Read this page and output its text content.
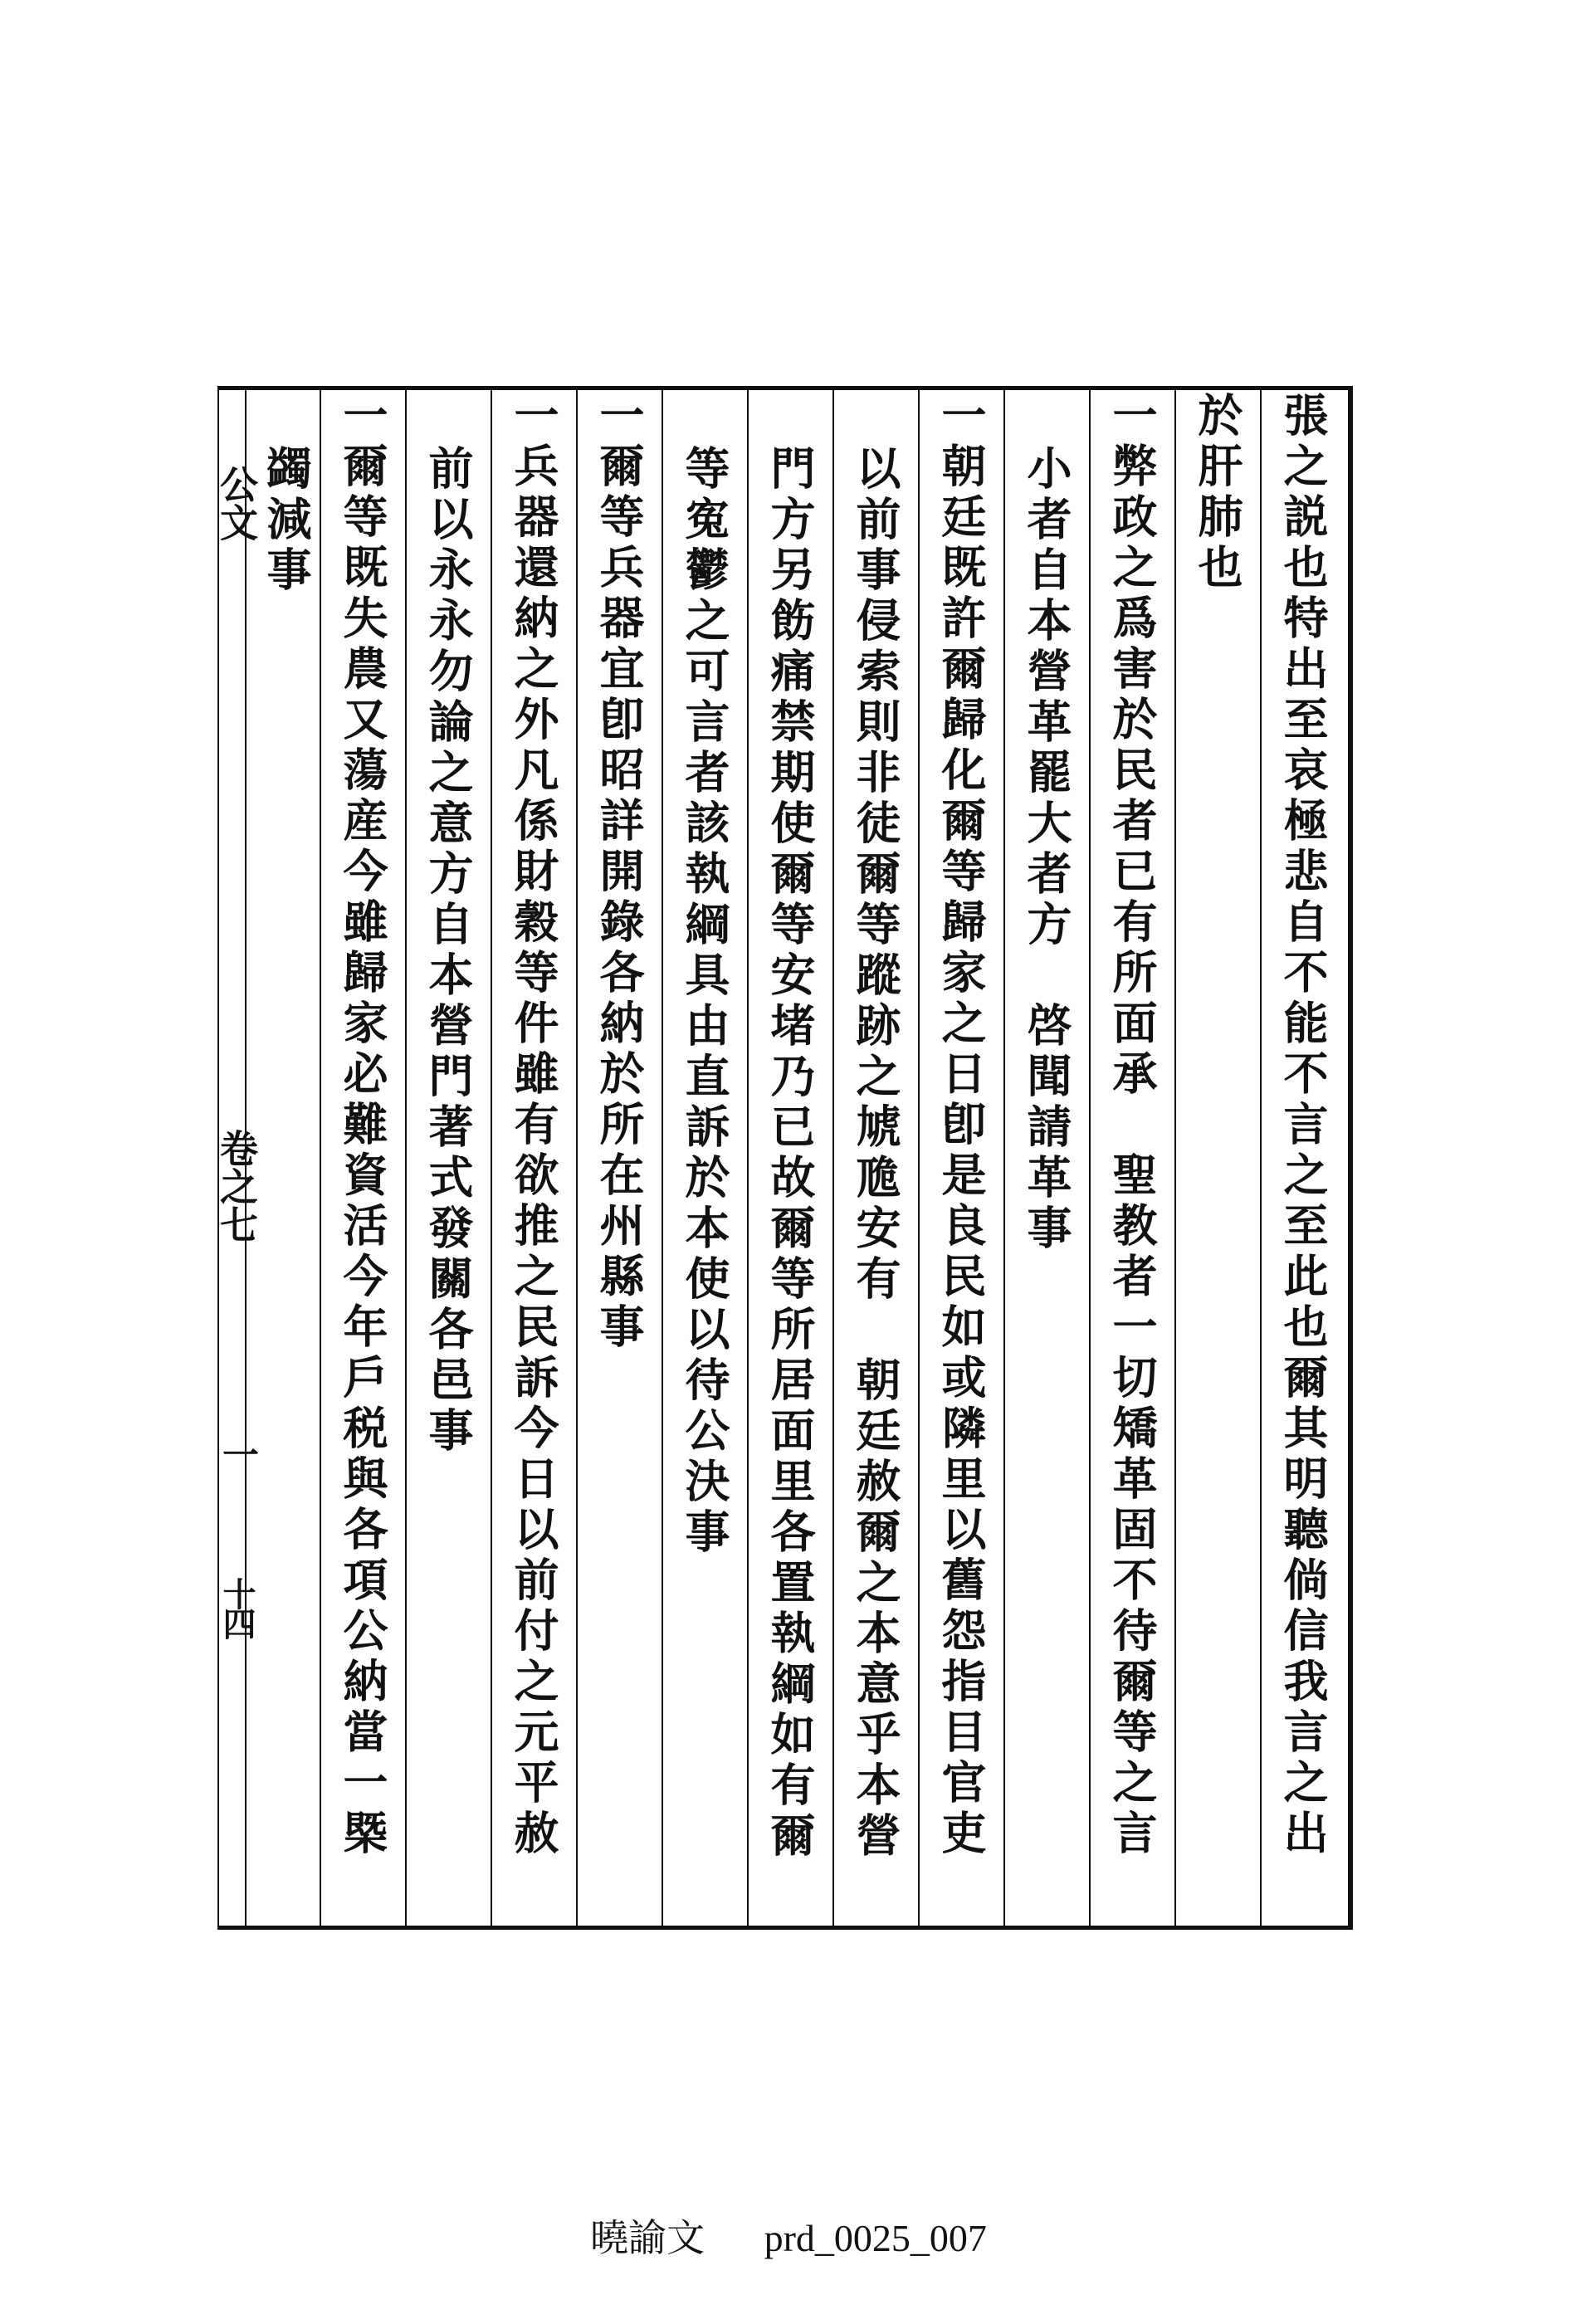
張之説也特出至哀極悲自不能不言之至此也爾其明聽倘信我言之出
於肝肺也
一弊政之爲害於民者已有所面承　聖教者一切矯革固不待爾等之言
小者自本營革罷大者方　啓聞請革事
一朝廷既許爾歸化爾等歸家之日卽是良民如或隣里以舊怨指目官吏
以前事侵索則非徒爾等蹤跡之虓卼安有　朝廷赦爾之本意乎本營
門方另飭痛禁期使爾等安堵乃已故爾等所居面里各置執綱如有爾
等寃鬱之可言者該執綱具由直訴於本使以待公決事
一爾等兵器宜卽昭詳開錄各納於所在州縣事
一兵器還納之外凡係財穀等件雖有欲推之民訴今日以前付之元平赦
前以永永勿論之意方自本營門著式發關各邑事
一爾等既失農又蕩産今雖歸家必難資活今年戶税與各項公納當一槩
蠲減事
公文
卷之七
一
十四
曉諭文 prd_0025_007
